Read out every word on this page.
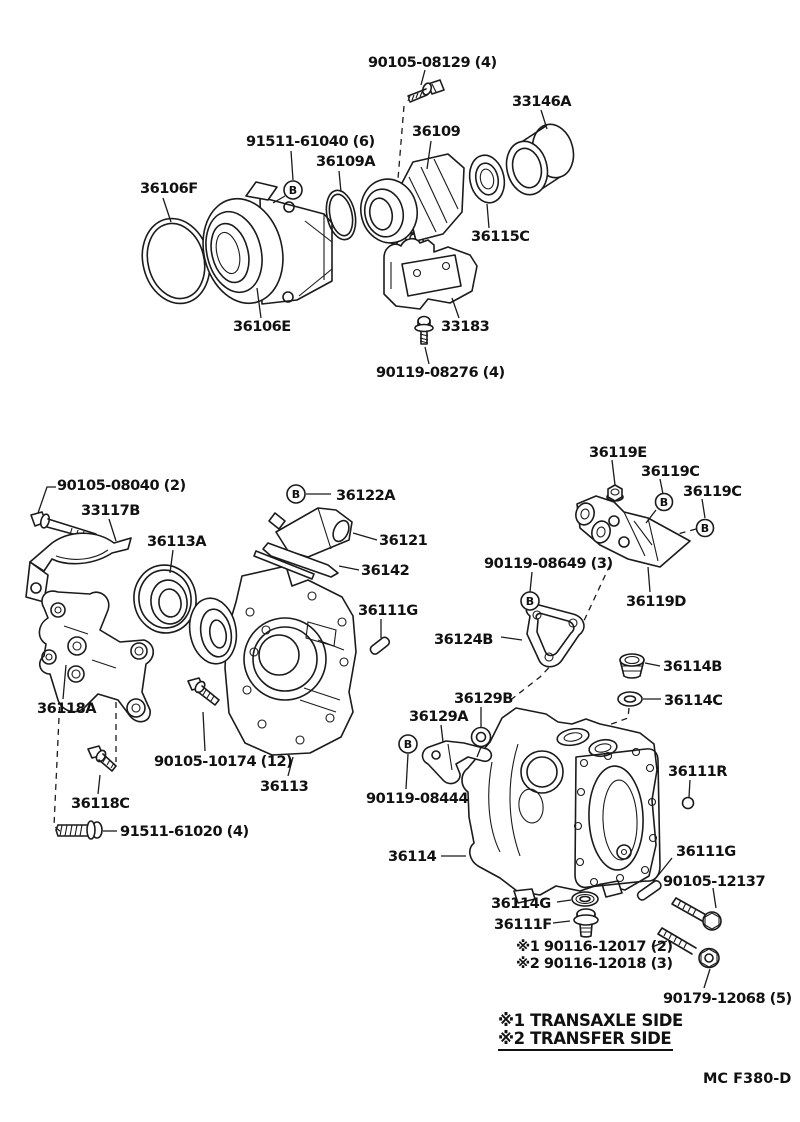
B
B
B
B
B
B
90105-08129 (4)
33146A
36109
91511-61040 (6)
36109A
36106F
36115C
36106E	33183
90119-08276 (4)
90105-08040 (2)
33117B
36113A
36122A
36121
36142
36111G
90119-08649 (3)
36124B
36119E
36119C
36119C
36119D
36114B
36114C
36129B
36129A
90119-08444
36118A
36118C
91511-61020 (4)
90105-10174 (12)
36113
36114
36111R
36111G
90105-12137
36114G
36111F
※1 90116-12017 (2)
※2 90116-12018 (3)
90179-12068 (5)
※1 TRANSAXLE SIDE
※2 TRANSFER SIDE
MC F380-D
